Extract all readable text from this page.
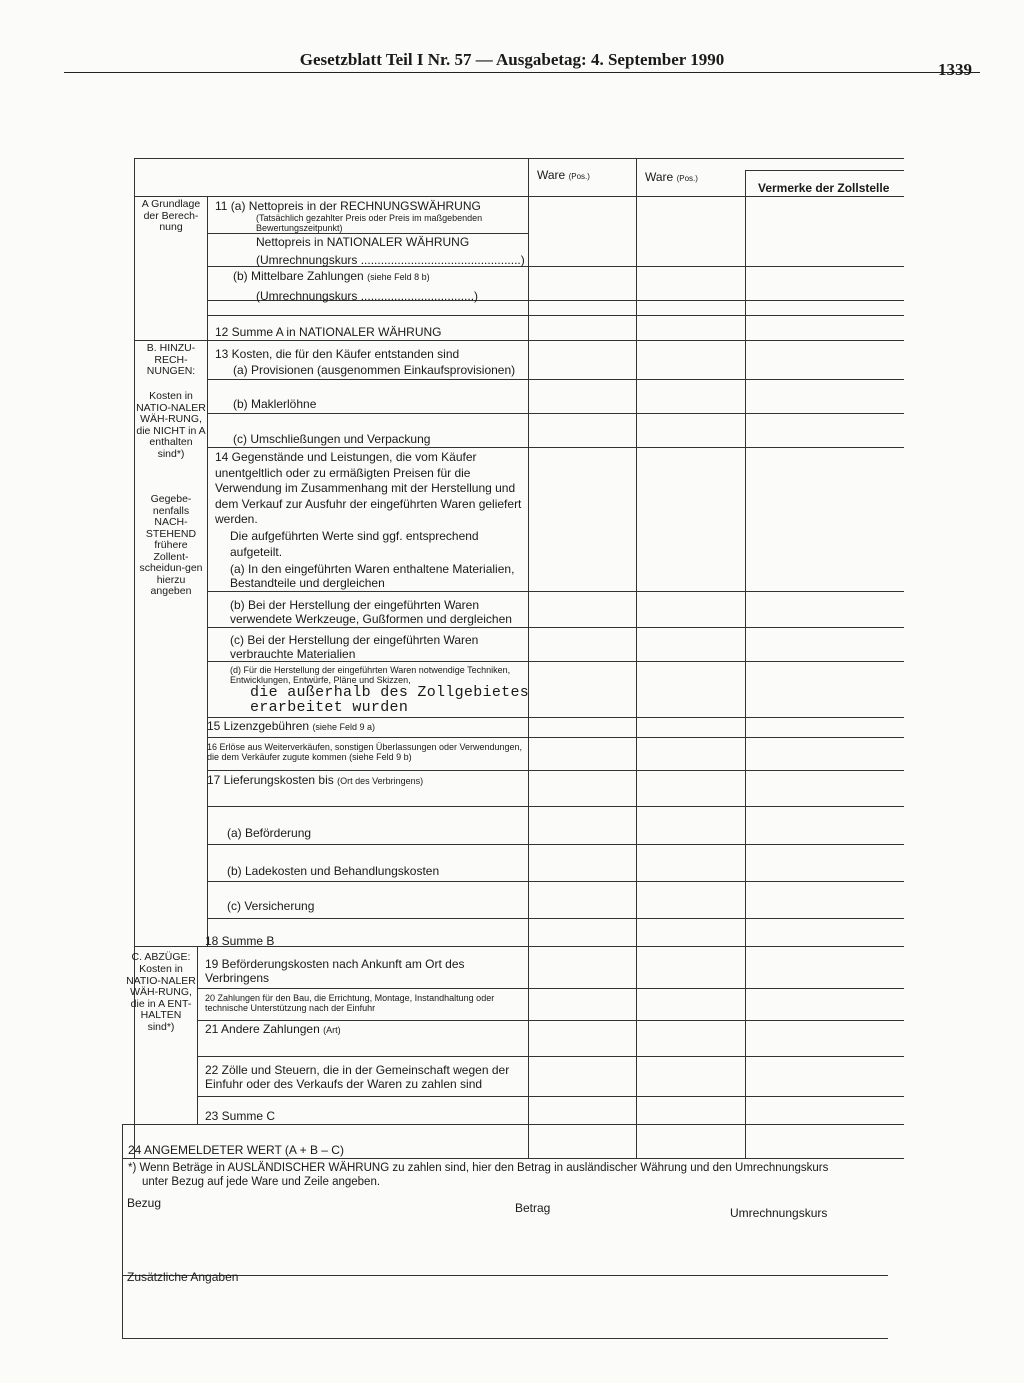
Gesetzblatt Teil I Nr. 57 — Ausgabetag: 4. September 1990
1339
Ware (Pos.)	Ware (Pos.)
Vermerke der Zollstelle
A Grundlage der Berech-nung
B. HINZU-RECH-NUNGEN:
Kosten in NATIO-NALER WÄH-RUNG, die NICHT in A enthalten sind*)
Gegebe-nenfalls NACH-STEHEND frühere Zollent-scheidun-gen hierzu angeben
C. ABZÜGE:
Kosten in NATIO-NALER WÄH-RUNG, die in A ENT-HALTEN sind*)
11 (a) Nettopreis in der RECHNUNGSWÄHRUNG
(Tatsächlich gezahlter Preis oder Preis im maßgebenden Bewertungszeitpunkt)
Nettopreis in NATIONALER WÄHRUNG
(Umrechnungskurs ................................................)
(b) Mittelbare Zahlungen (siehe Feld 8 b)
(Umrechnungskurs ..................................)
12 Summe A in NATIONALER WÄHRUNG
13 Kosten, die für den Käufer entstanden sind
(a) Provisionen (ausgenommen Einkaufsprovisionen)
(b) Maklerlöhne
(c) Umschließungen und Verpackung
14 Gegenstände und Leistungen, die vom Käufer unentgeltlich oder zu ermäßigten Preisen für die Verwendung im Zusammenhang mit der Herstellung und dem Verkauf zur Ausfuhr der eingeführten Waren geliefert werden.
Die aufgeführten Werte sind ggf. entsprechend aufgeteilt.
(a) In den eingeführten Waren enthaltene Materialien, Bestandteile und dergleichen
(b) Bei der Herstellung der eingeführten Waren verwendete Werkzeuge, Gußformen und dergleichen
(c) Bei der Herstellung der eingeführten Waren verbrauchte Materialien
(d) Für die Herstellung der eingeführten Waren notwendige Techniken, Entwicklungen, Entwürfe, Pläne und Skizzen,
die außerhalb des Zollgebietes
erarbeitet wurden
15 Lizenzgebühren (siehe Feld 9 a)
16 Erlöse aus Weiterverkäufen, sonstigen Überlassungen oder Verwendungen, die dem Verkäufer zugute kommen (siehe Feld 9 b)
17 Lieferungskosten bis (Ort des Verbringens)
(a) Beförderung
(b) Ladekosten und Behandlungskosten
(c) Versicherung
18 Summe B
19 Beförderungskosten nach Ankunft am Ort des Verbringens
20 Zahlungen für den Bau, die Errichtung, Montage, Instandhaltung oder technische Unterstützung nach der Einfuhr
21 Andere Zahlungen (Art)
22 Zölle und Steuern, die in der Gemeinschaft wegen der Einfuhr oder des Verkaufs der Waren zu zahlen sind
23 Summe C
24 ANGEMELDETER WERT (A + B – C)
*) Wenn Beträge in AUSLÄNDISCHER WÄHRUNG zu zahlen sind, hier den Betrag in ausländischer Währung und den Umrechnungskurs
unter Bezug auf jede Ware und Zeile angeben.
Bezug	Betrag	Umrechnungskurs
Zusätzliche Angaben
